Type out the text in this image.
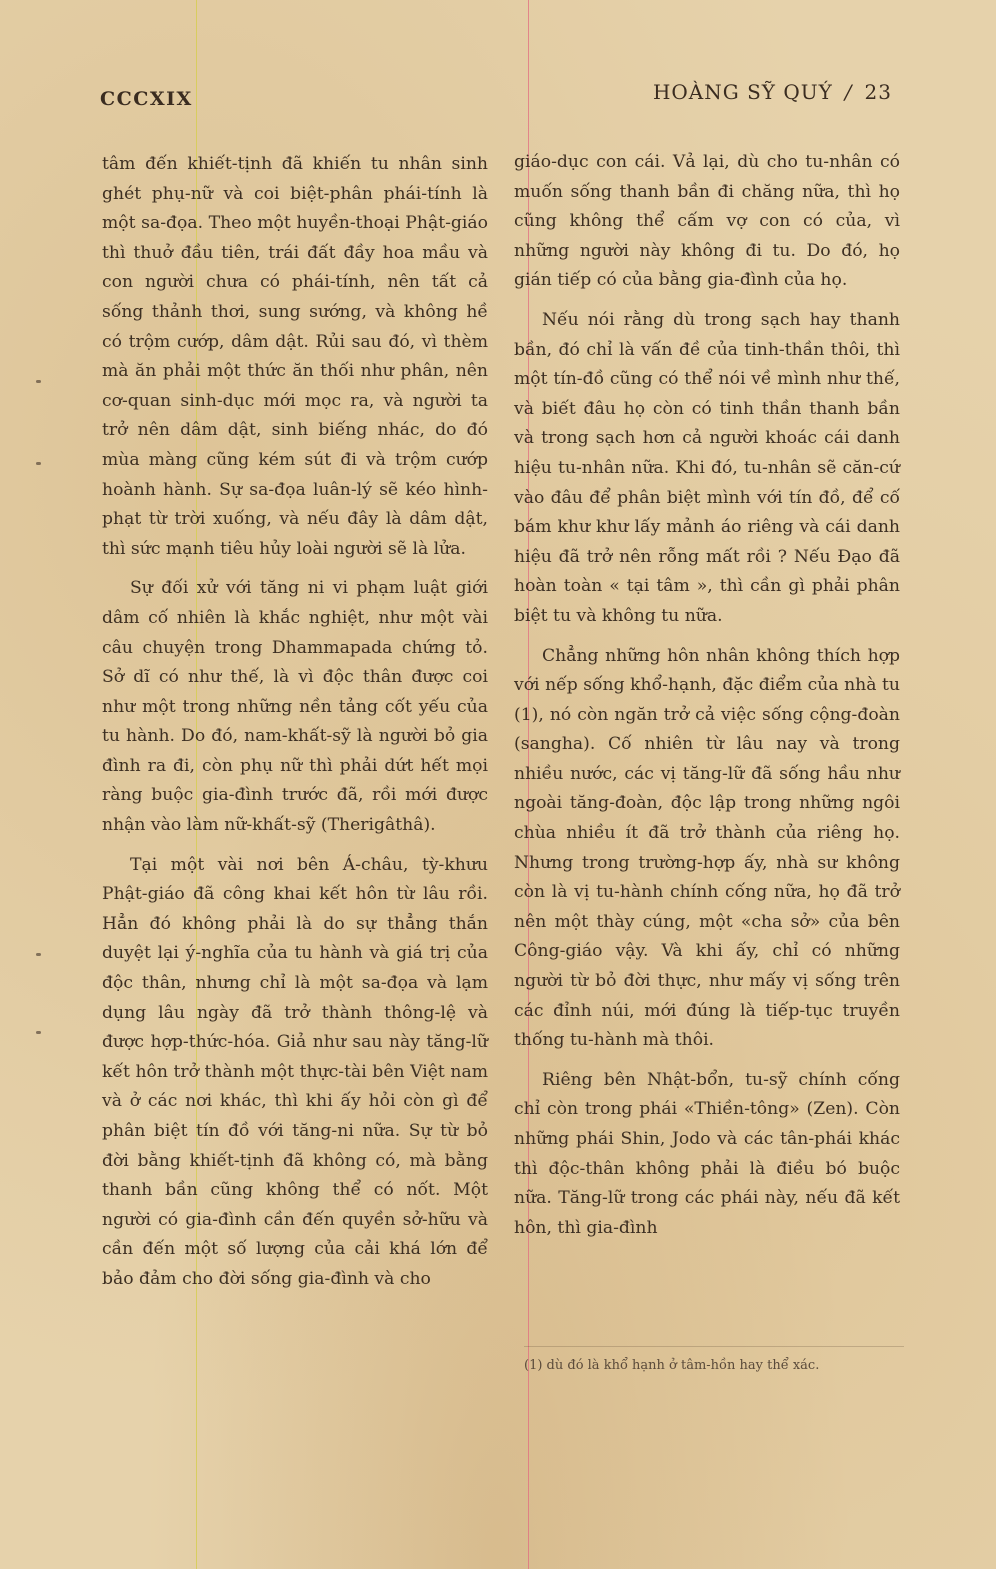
CCCXIX	HOÀNG SỸ QUÝ / 23

tâm đến khiết-tịnh đã khiến tu nhân sinh ghét phụ-nữ và coi biệt-phân phái-tính là một sa-đọa. Theo một huyền-thoại Phật-giáo thì thuở đầu tiên, trái đất đầy hoa mầu và con người chưa có phái-tính, nên tất cả sống thảnh thơi, sung sướng, và không hề có trộm cướp, dâm dật. Rủi sau đó, vì thèm mà ăn phải một thức ăn thối như phân, nên cơ-quan sinh-dục mới mọc ra, và người ta trở nên dâm dật, sinh biếng nhác, do đó mùa màng cũng kém sút đi và trộm cướp hoành hành. Sự sa-đọa luân-lý sẽ kéo hình-phạt từ trời xuống, và nếu đây là dâm dật, thì sức mạnh tiêu hủy loài người sẽ là lửa.

Sự đối xử với tăng ni vi phạm luật giới dâm cố nhiên là khắc nghiệt, như một vài câu chuyện trong Dhammapada chứng tỏ. Sở dĩ có như thế, là vì độc thân được coi như một trong những nền tảng cốt yếu của tu hành. Do đó, nam-khất-sỹ là người bỏ gia đình ra đi, còn phụ nữ thì phải dứt hết mọi ràng buộc gia-đình trước đã, rồi mới được nhận vào làm nữ-khất-sỹ (Therigâthâ).

Tại một vài nơi bên Á-châu, tỳ-khưu Phật-giáo đã công khai kết hôn từ lâu rồi. Hẳn đó không phải là do sự thẳng thắn duyệt lại ý-nghĩa của tu hành và giá trị của độc thân, nhưng chỉ là một sa-đọa và lạm dụng lâu ngày đã trở thành thông-lệ và được hợp-thức-hóa. Giả như sau này tăng-lữ kết hôn trở thành một thực-tài bên Việt nam và ở các nơi khác, thì khi ấy hỏi còn gì để phân biệt tín đồ với tăng-ni nữa. Sự từ bỏ đời bằng khiết-tịnh đã không có, mà bằng thanh bần cũng không thể có nốt. Một người có gia-đình cần đến quyền sở-hữu và cần đến một số lượng của cải khá lớn để bảo đảm cho đời sống gia-đình và cho

giáo-dục con cái. Vả lại, dù cho tu-nhân có muốn sống thanh bần đi chăng nữa, thì họ cũng không thể cấm vợ con có của, vì những người này không đi tu. Do đó, họ gián tiếp có của bằng gia-đình của họ.

Nếu nói rằng dù trong sạch hay thanh bần, đó chỉ là vấn đề của tinh-thần thôi, thì một tín-đồ cũng có thể nói về mình như thế, và biết đâu họ còn có tinh thần thanh bần và trong sạch hơn cả người khoác cái danh hiệu tu-nhân nữa. Khi đó, tu-nhân sẽ căn-cứ vào đâu để phân biệt mình với tín đồ, để cố bám khư khư lấy mảnh áo riêng và cái danh hiệu đã trở nên rỗng mất rồi ? Nếu Đạo đã hoàn toàn « tại tâm », thì cần gì phải phân biệt tu và không tu nữa.

Chẳng những hôn nhân không thích hợp với nếp sống khổ-hạnh, đặc điểm của nhà tu (1), nó còn ngăn trở cả việc sống cộng-đoàn (sangha). Cố nhiên từ lâu nay và trong nhiều nước, các vị tăng-lữ đã sống hầu như ngoài tăng-đoàn, độc lập trong những ngôi chùa nhiều ít đã trở thành của riêng họ. Nhưng trong trường-hợp ấy, nhà sư không còn là vị tu-hành chính cống nữa, họ đã trở nên một thày cúng, một «cha sở» của bên Công-giáo vậy. Và khi ấy, chỉ có những người từ bỏ đời thực, như mấy vị sống trên các đỉnh núi, mới đúng là tiếp-tục truyền thống tu-hành mà thôi.

Riêng bên Nhật-bổn, tu-sỹ chính cống chỉ còn trong phái «Thiền-tông» (Zen). Còn những phái Shin, Jodo và các tân-phái khác thì độc-thân không phải là điều bó buộc nữa. Tăng-lữ trong các phái này, nếu đã kết hôn, thì gia-đình

(1) dù đó là khổ hạnh ở tâm-hồn hay thể xác.
